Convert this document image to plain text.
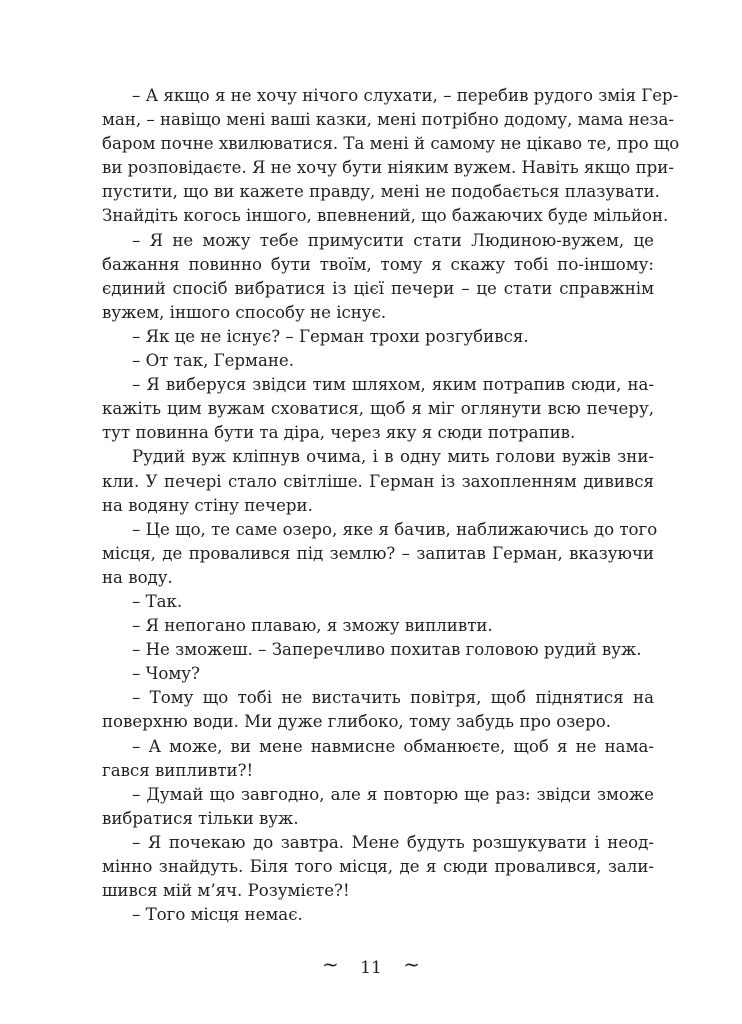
– А якщо я не хочу нічого слухати, – перебив рудого змія Гер-
ман, – навіщо мені ваші казки, мені потрібно додому, мама неза-
баром почне хвилюватися. Та мені й самому не цікаво те, про що
ви розповідаєте. Я не хочу бути ніяким вужем. Навіть якщо при-
пустити, що ви кажете правду, мені не подобається плазувати.
Знайдіть когось іншого, впевнений, що бажаючих буде мільйон.
– Я не можу тебе примусити стати Людиною-вужем, це
бажання повинно бути твоїм, тому я скажу тобі по-іншому:
єдиний спосіб вибратися із цієї печери – це стати справжнім
вужем, іншого способу не існує.
– Як це не існує? – Герман трохи розгубився.
– От так, Германе.
– Я виберуся звідси тим шляхом, яким потрапив сюди, на-
кажіть цим вужам сховатися, щоб я міг оглянути всю печеру,
тут повинна бути та діра, через яку я сюди потрапив.
Рудий вуж кліпнув очима, і в одну мить голови вужів зни-
кли. У печері стало світліше. Герман із захопленням дивився
на водяну стіну печери.
– Це що, те саме озеро, яке я бачив, наближаючись до того
місця, де провалився під землю? – запитав Герман, вказуючи
на воду.
– Так.
– Я непогано плаваю, я зможу випливти.
– Не зможеш. – Заперечливо похитав головою рудий вуж.
– Чому?
– Тому що тобі не вистачить повітря, щоб піднятися на
поверхню води. Ми дуже глибоко, тому забудь про озеро.
– А може, ви мене навмисне обманюєте, щоб я не нама-
гався випливти?!
– Думай що завгодно, але я повторю ще раз: звідси зможе
вибратися тільки вуж.
– Я почекаю до завтра. Мене будуть розшукувати і неод-
мінно знайдуть. Біля того місця, де я сюди провалився, зали-
шився мій м’яч. Розумієте?!
– Того місця немає.
~ 11 ~
